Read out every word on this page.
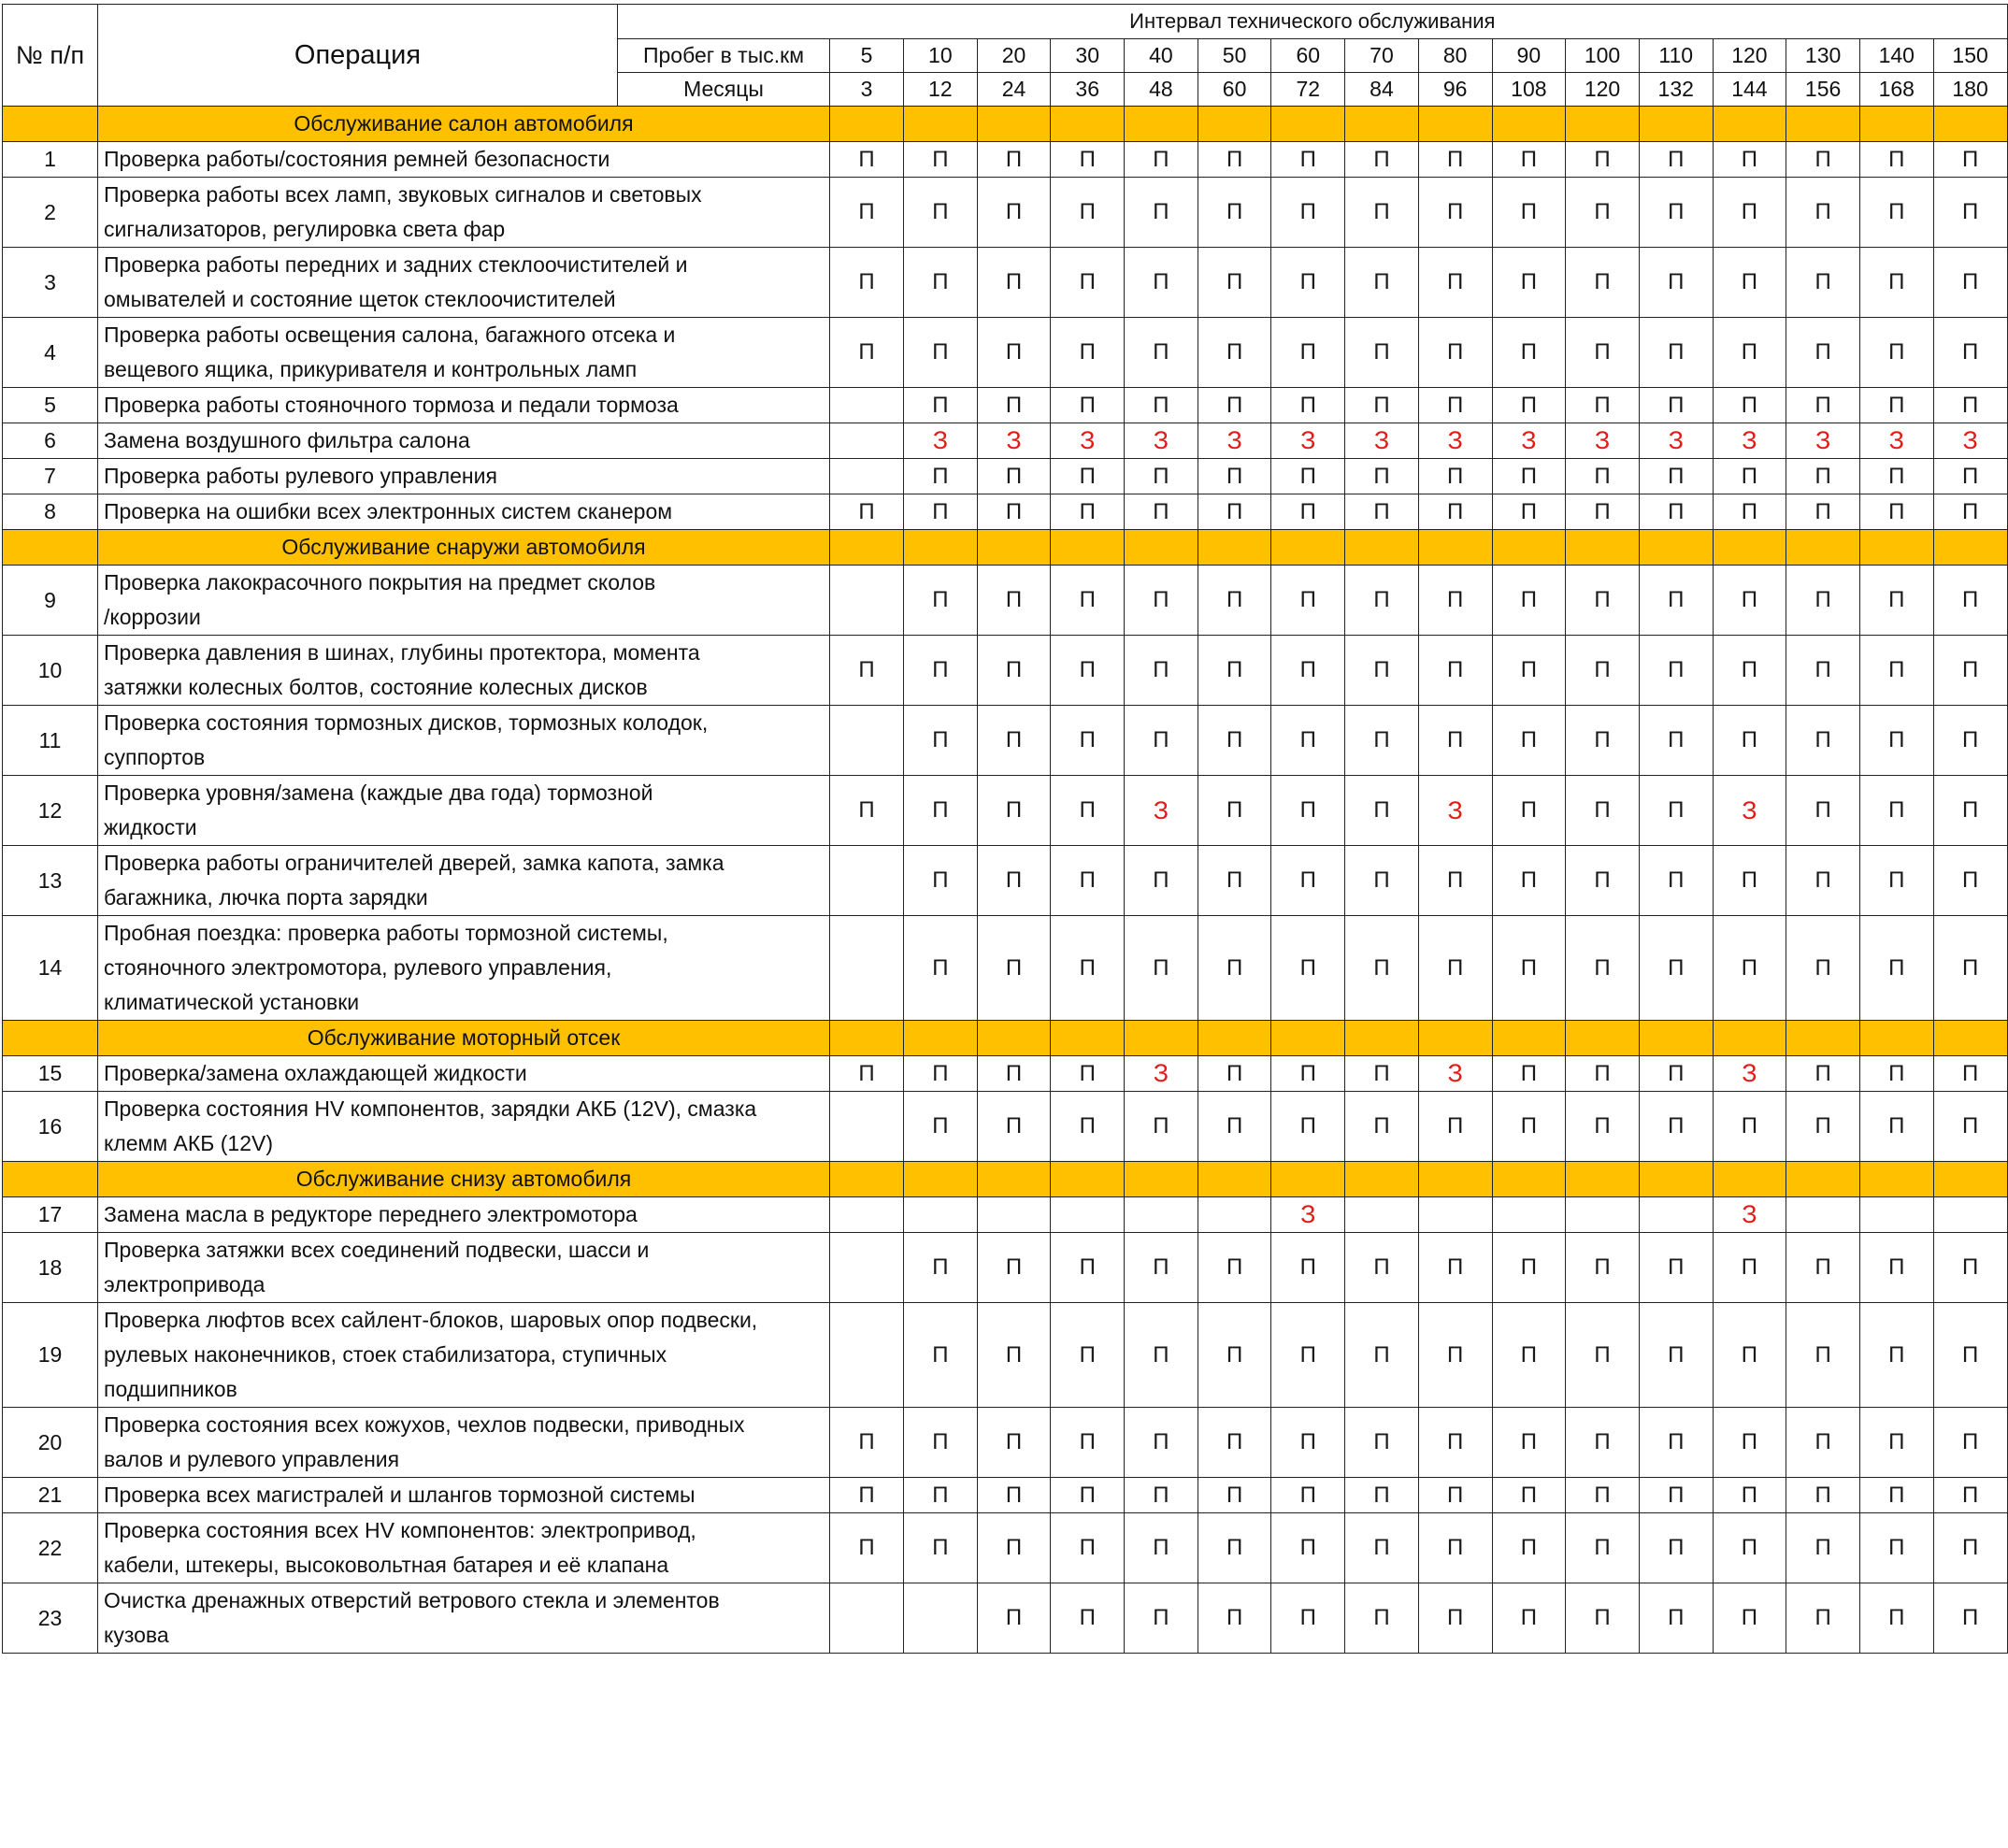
№ п/п	Операция	Интервал технического обслуживания																
		Пробег в тыс.км	5	10	20	30	40	50	60	70	80	90	100	110	120	130	140	150
		Месяцы	3	12	24	36	48	60	72	84	96	108	120	132	144	156	168	180
	Обслуживание салон автомобиля																	
1	Проверка работы/состояния ремней безопасности		П	П	П	П	П	П	П	П	П	П	П	П	П	П	П	П
2	Проверка работы всех ламп, звуковых сигналов и световых
сигнализаторов, регулировка света фар		П	П	П	П	П	П	П	П	П	П	П	П	П	П	П	П
3	Проверка работы передних и задних стеклоочистителей и
омывателей и состояние щеток стеклоочистителей		П	П	П	П	П	П	П	П	П	П	П	П	П	П	П	П
4	Проверка работы освещения салона, багажного отсека и
вещевого ящика, прикуривателя и контрольных ламп		П	П	П	П	П	П	П	П	П	П	П	П	П	П	П	П
5	Проверка работы стояночного тормоза и педали тормоза			П	П	П	П	П	П	П	П	П	П	П	П	П	П	П
6	Замена воздушного фильтра салона			З	З	З	З	З	З	З	З	З	З	З	З	З	З	З
7	Проверка работы рулевого управления			П	П	П	П	П	П	П	П	П	П	П	П	П	П	П
8	Проверка на ошибки всех электронных систем сканером		П	П	П	П	П	П	П	П	П	П	П	П	П	П	П	П
	Обслуживание снаружи автомобиля																	
9	Проверка лакокрасочного покрытия на предмет сколов
/коррозии			П	П	П	П	П	П	П	П	П	П	П	П	П	П	П
10	Проверка давления в шинах, глубины протектора, момента
затяжки колесных болтов, состояние колесных дисков		П	П	П	П	П	П	П	П	П	П	П	П	П	П	П	П
11	Проверка состояния тормозных дисков, тормозных колодок,
суппортов			П	П	П	П	П	П	П	П	П	П	П	П	П	П	П
12	Проверка уровня/замена (каждые два года) тормозной
жидкости		П	П	П	П	З	П	П	П	З	П	П	П	З	П	П	П
13	Проверка работы ограничителей дверей, замка капота, замка
багажника, лючка порта зарядки			П	П	П	П	П	П	П	П	П	П	П	П	П	П	П
14	Пробная поездка: проверка работы тормозной системы,
стояночного электромотора, рулевого управления,
климатической установки			П	П	П	П	П	П	П	П	П	П	П	П	П	П	П
	Обслуживание моторный отсек																	
15	Проверка/замена охлаждающей жидкости		П	П	П	П	З	П	П	П	З	П	П	П	З	П	П	П
16	Проверка состояния HV компонентов, зарядки АКБ (12V), смазка
клемм АКБ (12V)			П	П	П	П	П	П	П	П	П	П	П	П	П	П	П
	Обслуживание снизу автомобиля																	
17	Замена масла в редукторе переднего электромотора								З						З			
18	Проверка затяжки всех соединений подвески, шасси и
электропривода			П	П	П	П	П	П	П	П	П	П	П	П	П	П	П
19	Проверка люфтов всех сайлент-блоков, шаровых опор подвески,
рулевых наконечников, стоек стабилизатора, ступичных
подшипников			П	П	П	П	П	П	П	П	П	П	П	П	П	П	П
20	Проверка состояния всех кожухов, чехлов подвески, приводных
валов и рулевого управления		П	П	П	П	П	П	П	П	П	П	П	П	П	П	П	П
21	Проверка всех магистралей и шлангов тормозной системы		П	П	П	П	П	П	П	П	П	П	П	П	П	П	П	П
22	Проверка состояния всех HV компонентов: электропривод,
кабели, штекеры, высоковольтная батарея и её клапана		П	П	П	П	П	П	П	П	П	П	П	П	П	П	П	П
23	Очистка дренажных отверстий ветрового стекла и элементов
кузова				П	П	П	П	П	П	П	П	П	П	П	П	П	П
